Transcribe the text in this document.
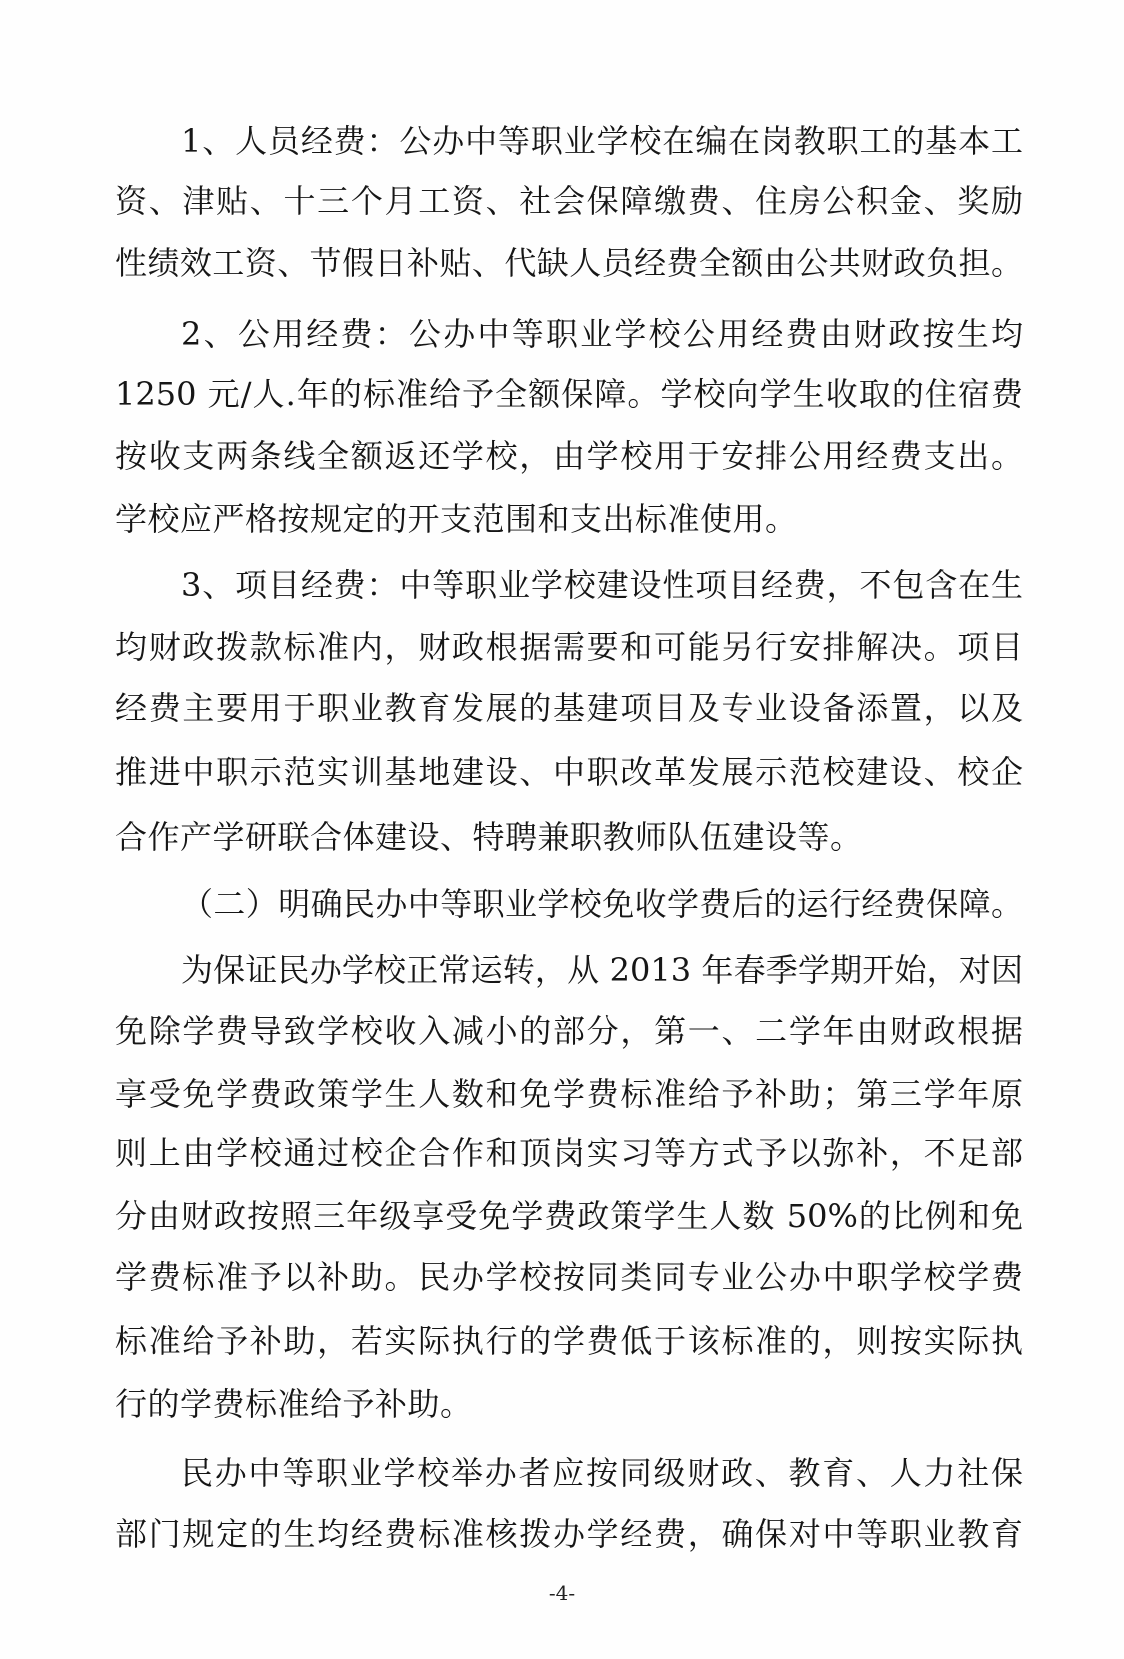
1、人员经费：公办中等职业学校在编在岗教职工的基本工
资、津贴、十三个月工资、社会保障缴费、住房公积金、奖励
性绩效工资、节假日补贴、代缺人员经费全额由公共财政负担。
2、公用经费：公办中等职业学校公用经费由财政按生均
1250 元/人.年的标准给予全额保障。学校向学生收取的住宿费
按收支两条线全额返还学校，由学校用于安排公用经费支出。
学校应严格按规定的开支范围和支出标准使用。
3、项目经费：中等职业学校建设性项目经费，不包含在生
均财政拨款标准内，财政根据需要和可能另行安排解决。项目
经费主要用于职业教育发展的基建项目及专业设备添置，以及
推进中职示范实训基地建设、中职改革发展示范校建设、校企
合作产学研联合体建设、特聘兼职教师队伍建设等。
（二）明确民办中等职业学校免收学费后的运行经费保障。
为保证民办学校正常运转，从 2013 年春季学期开始，对因
免除学费导致学校收入减小的部分，第一、二学年由财政根据
享受免学费政策学生人数和免学费标准给予补助；第三学年原
则上由学校通过校企合作和顶岗实习等方式予以弥补，不足部
分由财政按照三年级享受免学费政策学生人数 50%的比例和免
学费标准予以补助。民办学校按同类同专业公办中职学校学费
标准给予补助，若实际执行的学费低于该标准的，则按实际执
行的学费标准给予补助。
民办中等职业学校举办者应按同级财政、教育、人力社保
部门规定的生均经费标准核拨办学经费，确保对中等职业教育
-4-
